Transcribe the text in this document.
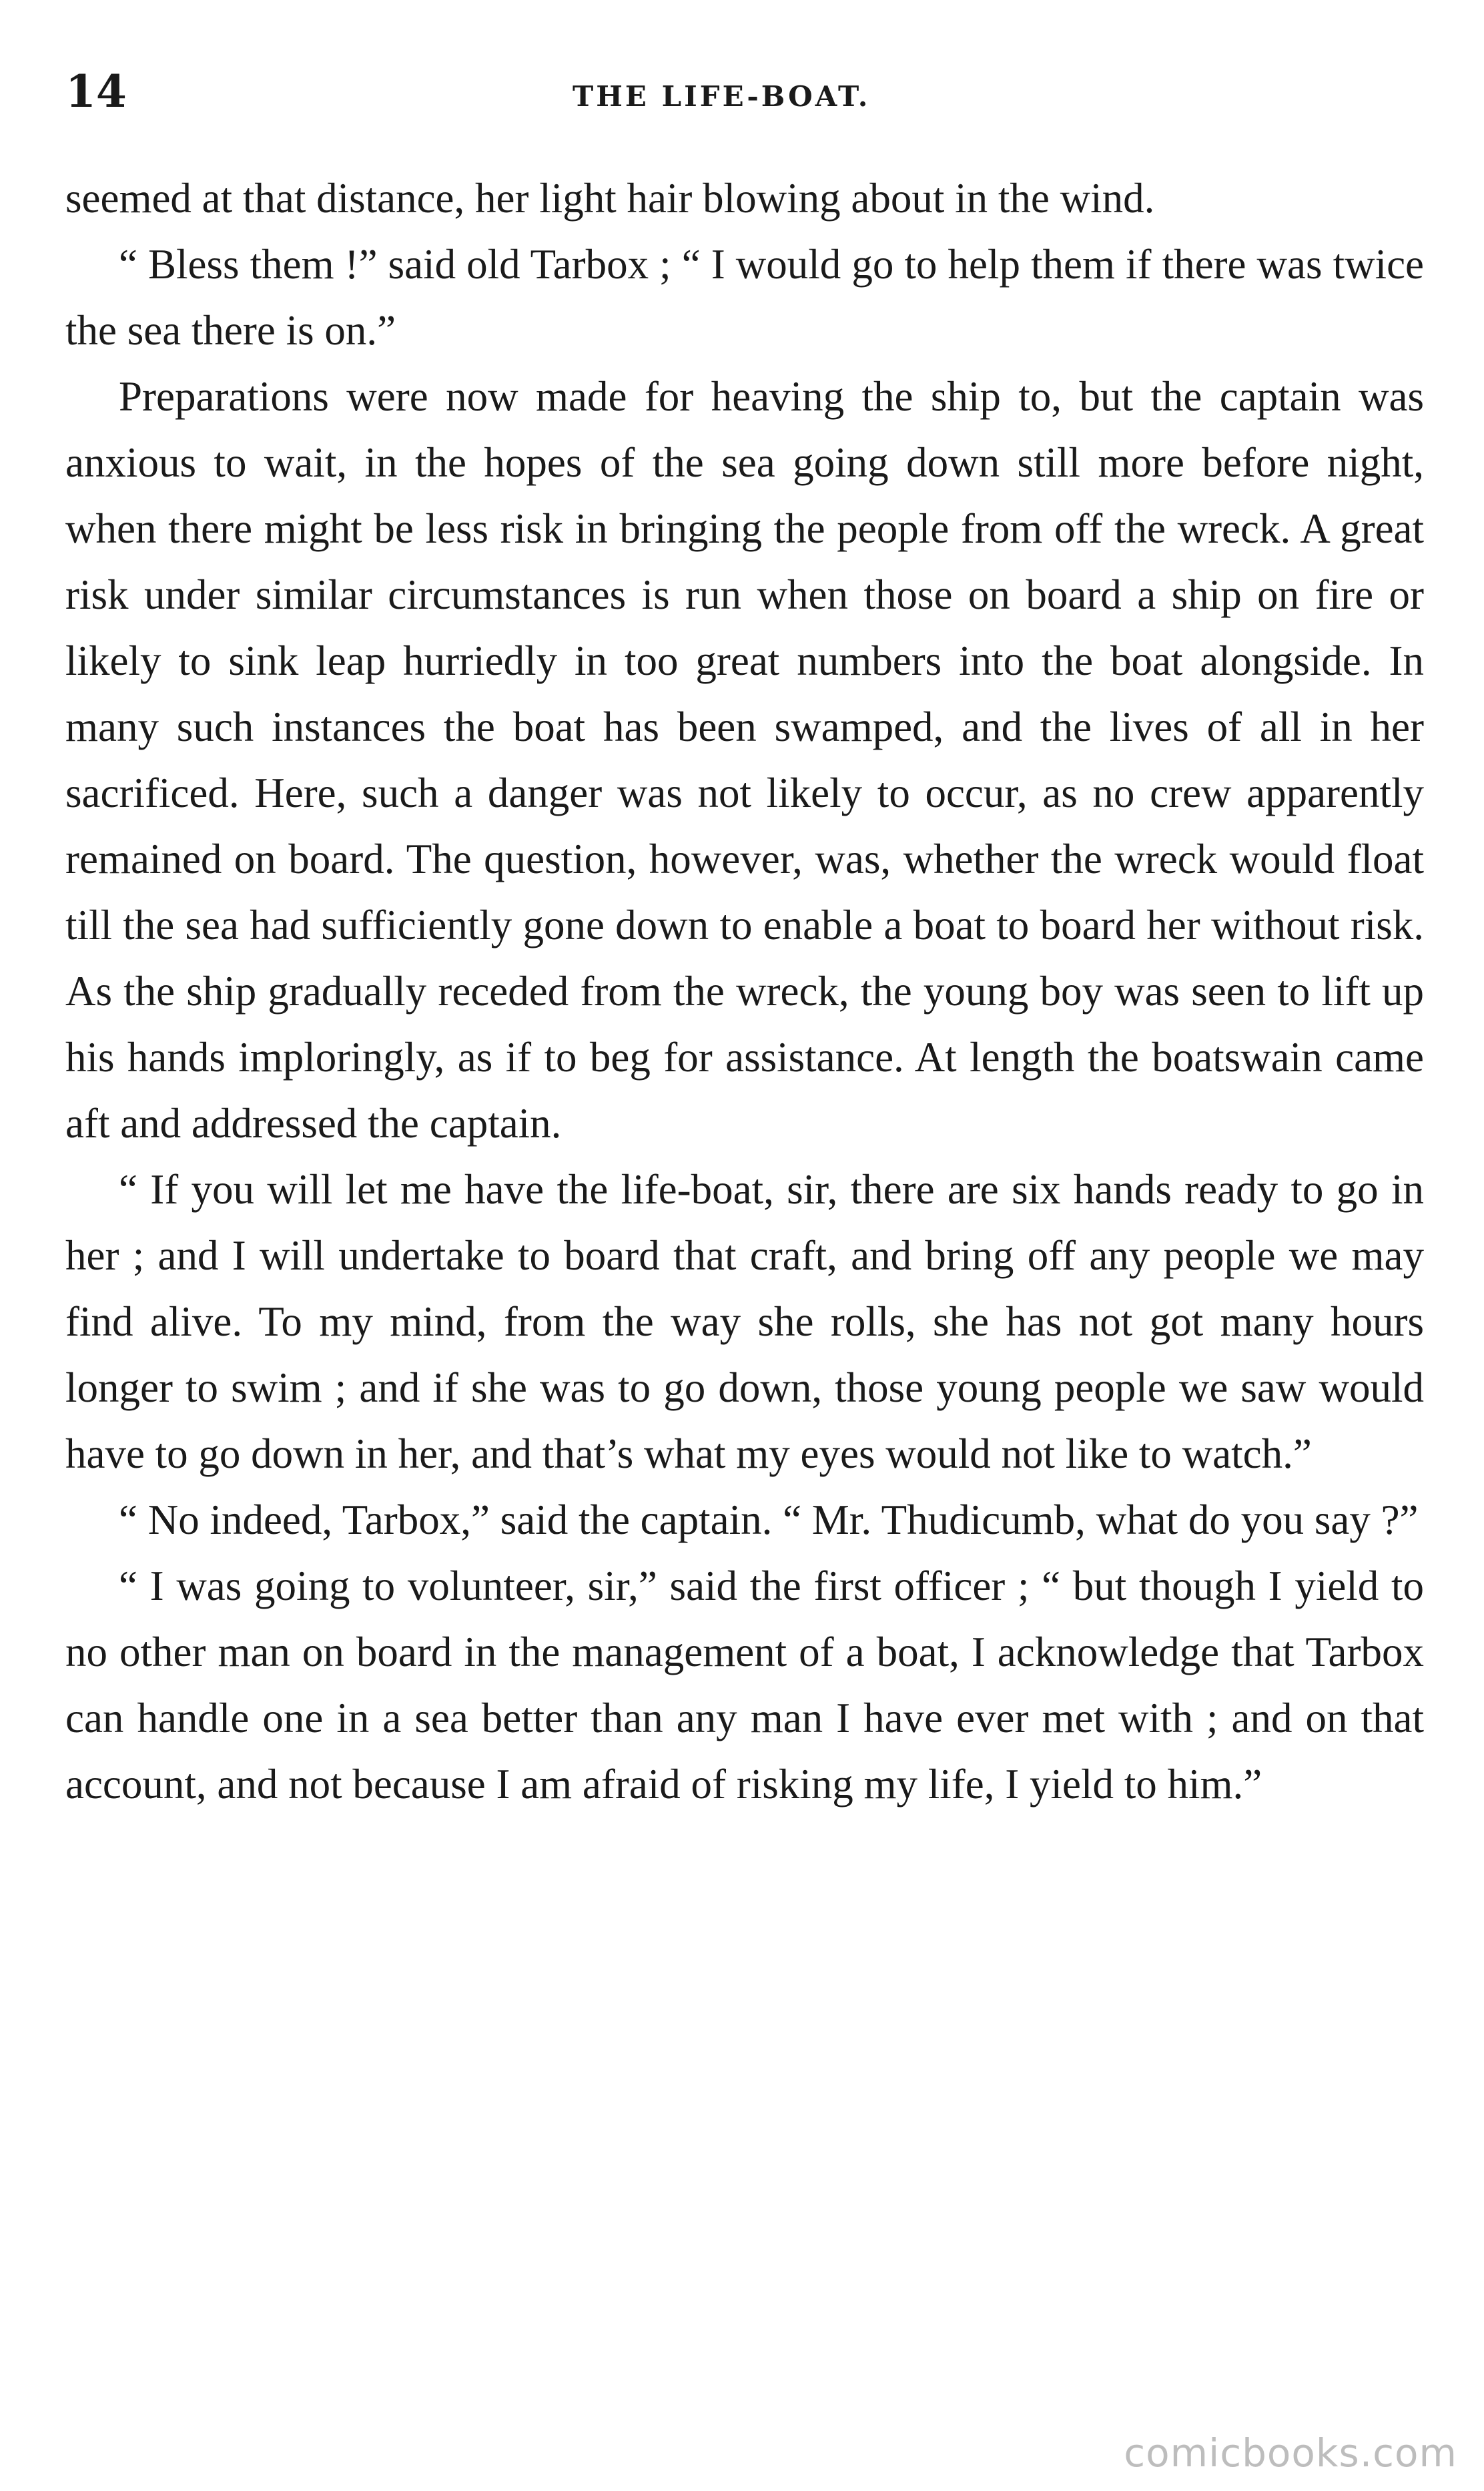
14	THE LIFE-BOAT.

seemed at that distance, her light hair blowing about in the wind.

“ Bless them !” said old Tarbox ; “ I would go to help them if there was twice the sea there is on.”

Preparations were now made for heaving the ship to, but the captain was anxious to wait, in the hopes of the sea going down still more before night, when there might be less risk in bringing the people from off the wreck. A great risk under similar circumstances is run when those on board a ship on fire or likely to sink leap hurriedly in too great numbers into the boat alongside. In many such instances the boat has been swamped, and the lives of all in her sacrificed. Here, such a danger was not likely to occur, as no crew apparently remained on board. The question, however, was, whether the wreck would float till the sea had sufficiently gone down to enable a boat to board her without risk. As the ship gradually receded from the wreck, the young boy was seen to lift up his hands imploringly, as if to beg for assistance. At length the boatswain came aft and addressed the captain.

“ If you will let me have the life-boat, sir, there are six hands ready to go in her ; and I will undertake to board that craft, and bring off any people we may find alive. To my mind, from the way she rolls, she has not got many hours longer to swim ; and if she was to go down, those young people we saw would have to go down in her, and that’s what my eyes would not like to watch.”

“ No indeed, Tarbox,” said the captain. “ Mr. Thudicumb, what do you say ?”

“ I was going to volunteer, sir,” said the first officer ; “ but though I yield to no other man on board in the management of a boat, I acknowledge that Tarbox can handle one in a sea better than any man I have ever met with ; and on that account, and not because I am afraid of risking my life, I yield to him.”

comicbooks.com
